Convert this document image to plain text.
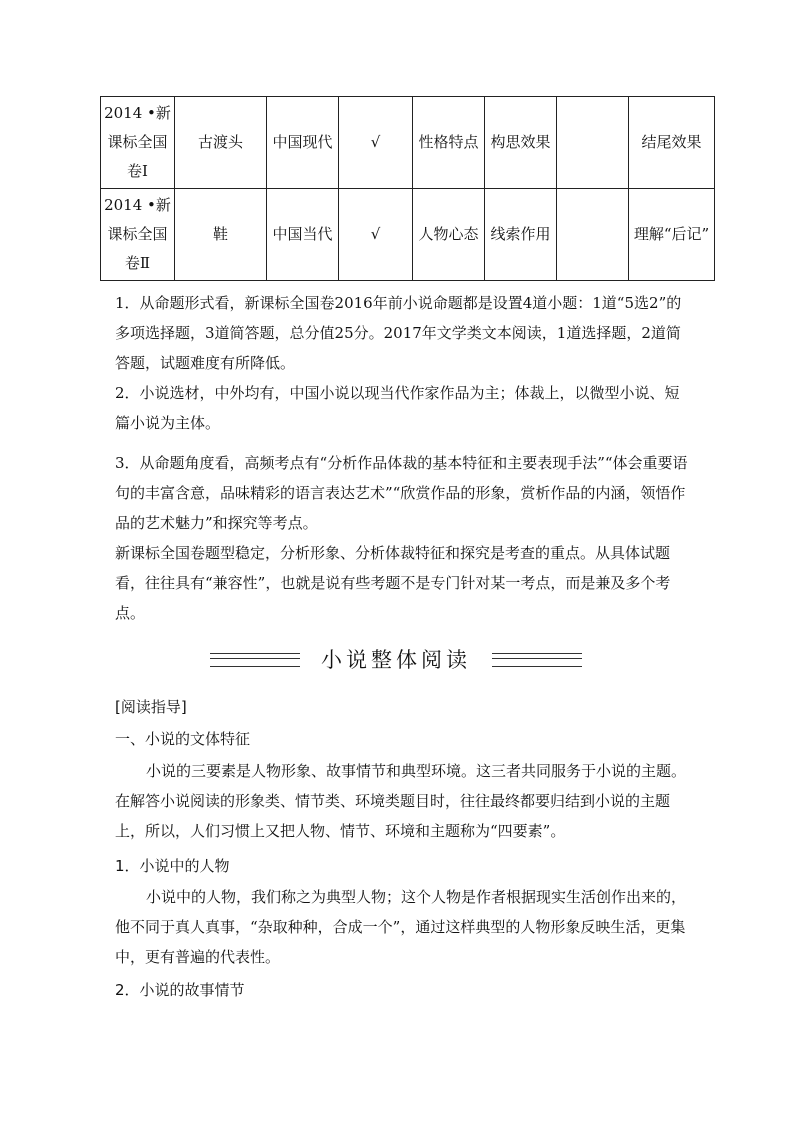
2014 •新课标全国卷Ⅰ	古渡头	中国现代	√	性格特点	构思效果		结尾效果
2014 •新课标全国卷Ⅱ	鞋	中国当代	√	人物心态	线索作用		理解“后记”

1．从命题形式看，新课标全国卷2016年前小说命题都是设置4道小题：1道“5选2”的多项选择题，3道简答题，总分值25分。2017年文学类文本阅读，1道选择题，2道简答题，试题难度有所降低。

2．小说选材，中外均有，中国小说以现当代作家作品为主；体裁上，以微型小说、短篇小说为主体。

3．从命题角度看，高频考点有“分析作品体裁的基本特征和主要表现手法”“体会重要语句的丰富含意，品味精彩的语言表达艺术”“欣赏作品的形象，赏析作品的内涵，领悟作品的艺术魅力”和探究等考点。

新课标全国卷题型稳定，分析形象、分析体裁特征和探究是考查的重点。从具体试题看，往往具有“兼容性”，也就是说有些考题不是专门针对某一考点，而是兼及多个考点。

小说整体阅读
[阅读指导]
一、小说的文体特征

小说的三要素是人物形象、故事情节和典型环境。这三者共同服务于小说的主题。在解答小说阅读的形象类、情节类、环境类题目时，往往最终都要归结到小说的主题上，所以，人们习惯上又把人物、情节、环境和主题称为“四要素”。

1．小说中的人物

小说中的人物，我们称之为典型人物；这个人物是作者根据现实生活创作出来的，他不同于真人真事，“杂取种种，合成一个”，通过这样典型的人物形象反映生活，更集中，更有普遍的代表性。

2．小说的故事情节
